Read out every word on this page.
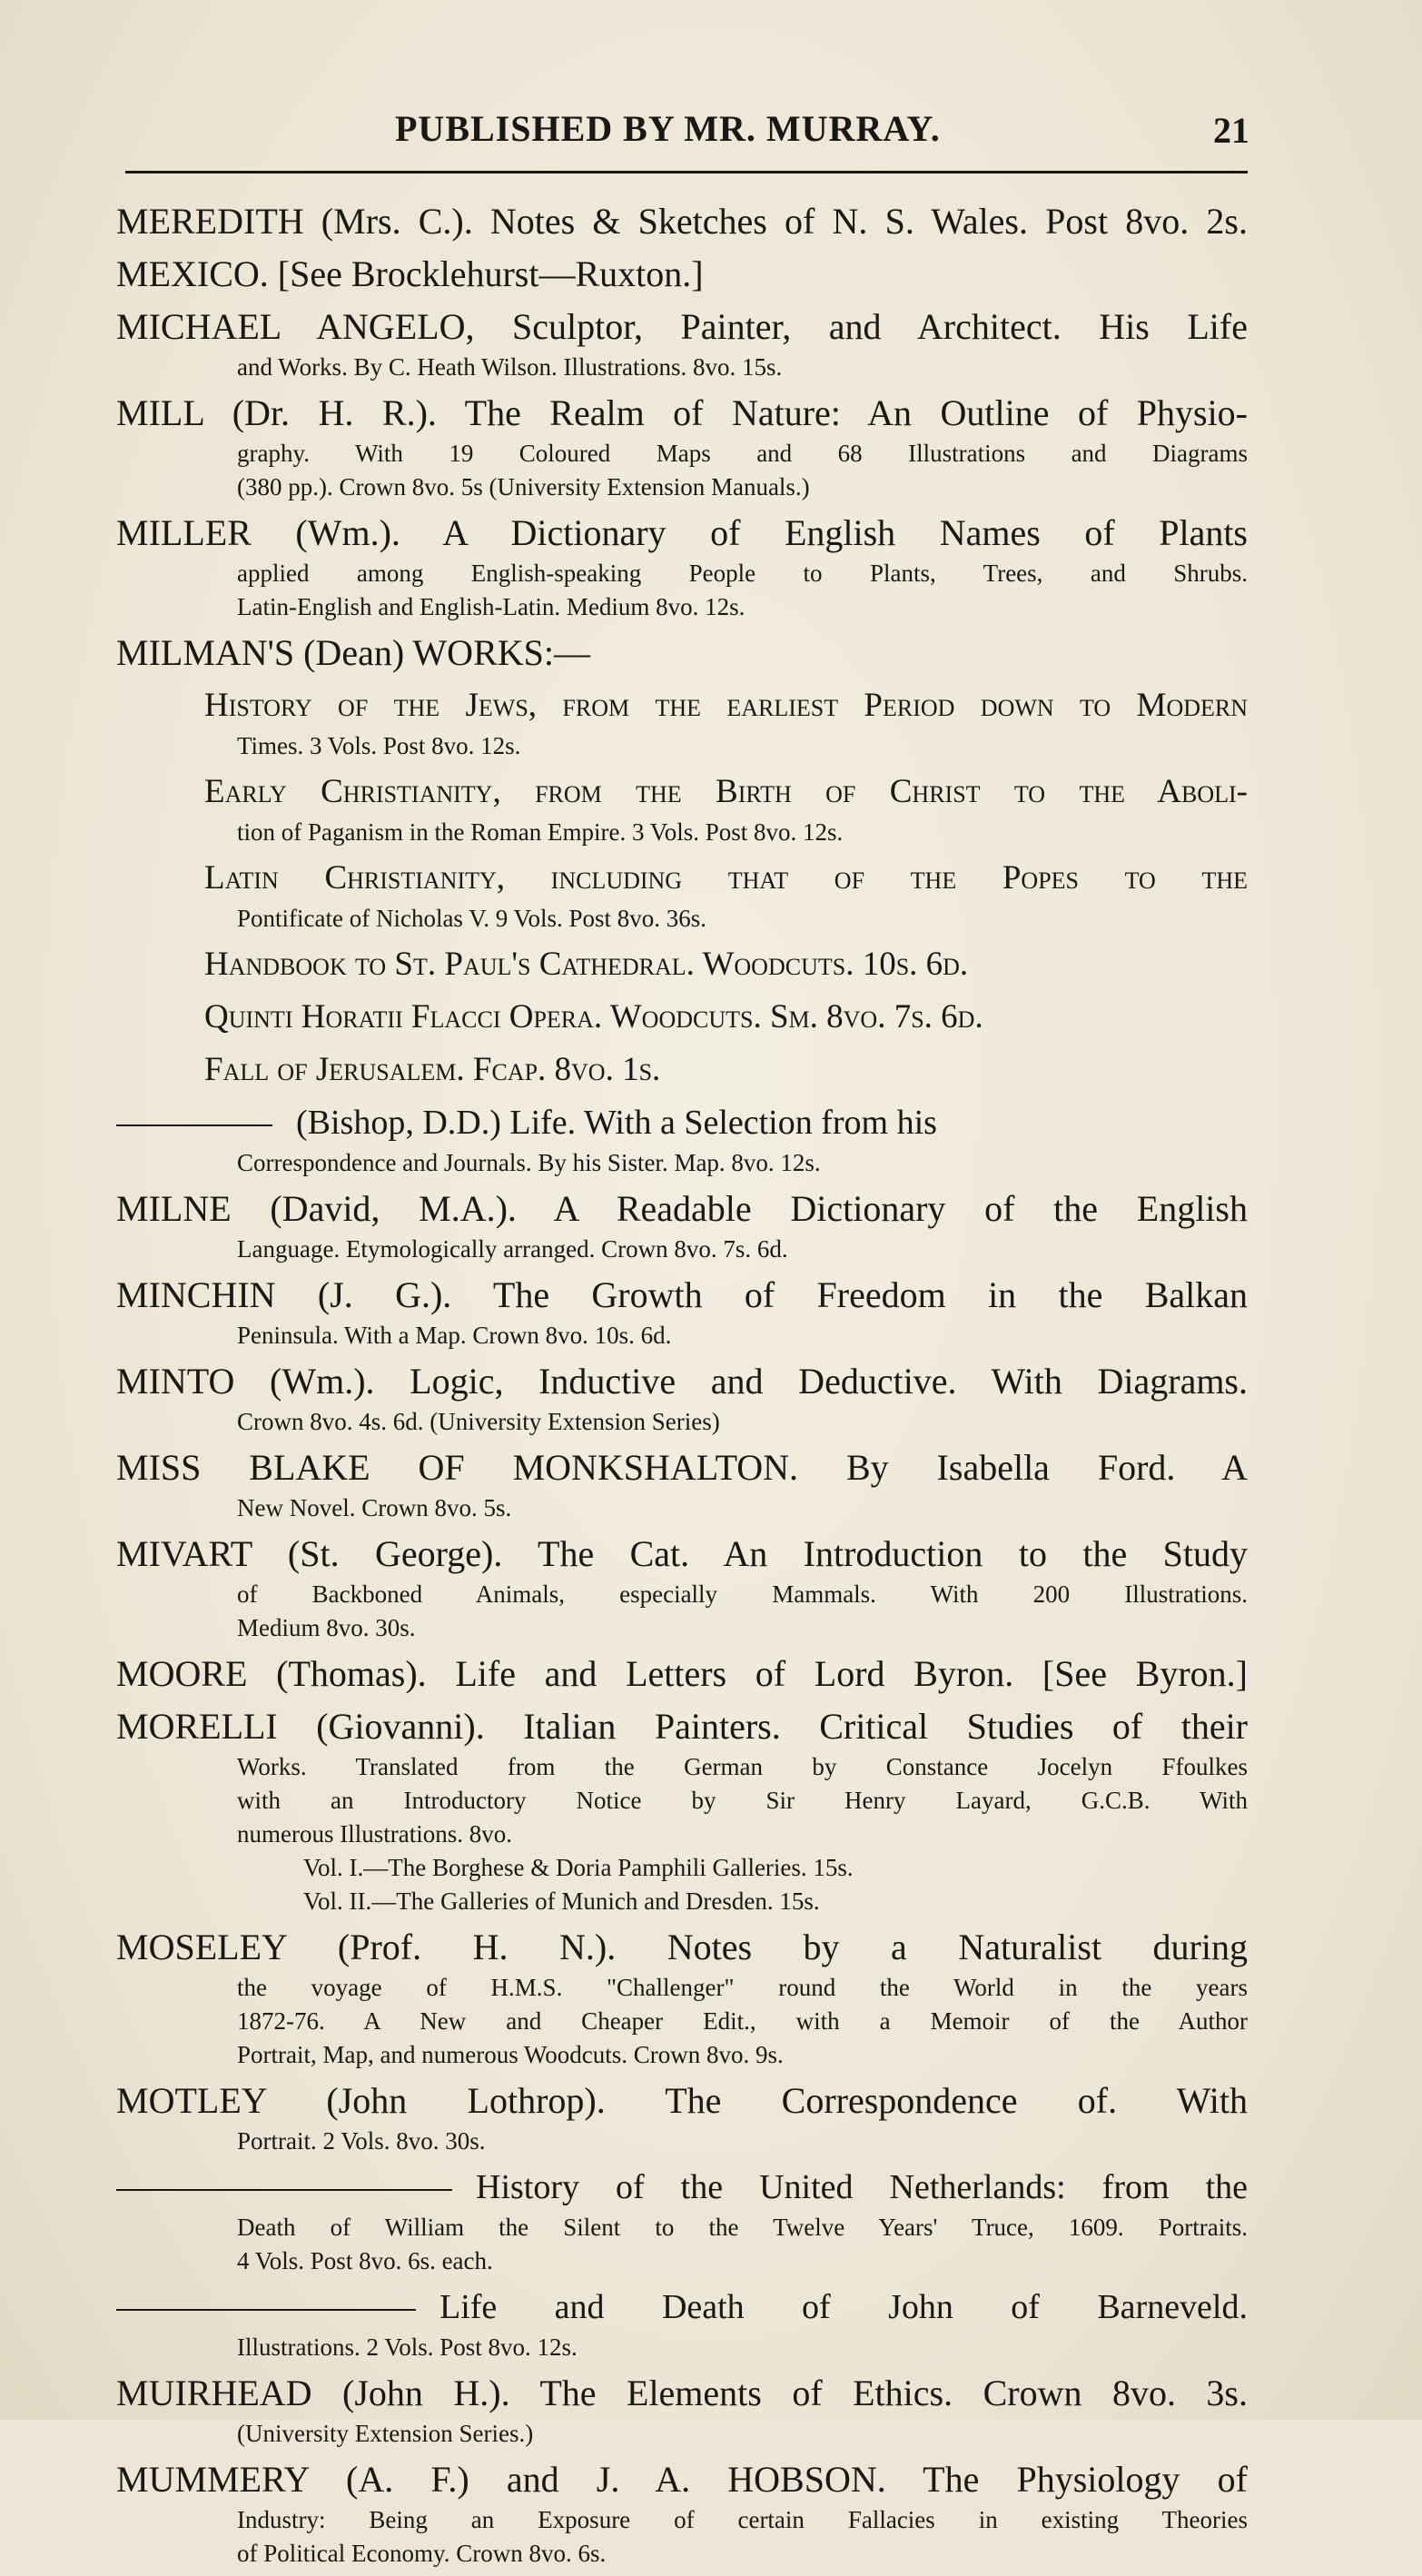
PUBLISHED BY MR. MURRAY.	21
MEREDITH (Mrs. C.). Notes & Sketches of N. S. Wales. Post 8vo. 2s.
MEXICO. [See Brocklehurst—Ruxton.]
MICHAEL ANGELO, Sculptor, Painter, and Architect. His Life
and Works. By C. Heath Wilson. Illustrations. 8vo. 15s.
MILL (Dr. H. R.). The Realm of Nature: An Outline of Physio-
graphy. With 19 Coloured Maps and 68 Illustrations and Diagrams
(380 pp.). Crown 8vo. 5s (University Extension Manuals.)
MILLER (Wm.). A Dictionary of English Names of Plants
applied among English-speaking People to Plants, Trees, and Shrubs.
Latin-English and English-Latin. Medium 8vo. 12s.
MILMAN'S (Dean) WORKS:—
History of the Jews, from the earliest Period down to Modern
Times. 3 Vols. Post 8vo. 12s.
Early Christianity, from the Birth of Christ to the Aboli-
tion of Paganism in the Roman Empire. 3 Vols. Post 8vo. 12s.
Latin Christianity, including that of the Popes to the
Pontificate of Nicholas V. 9 Vols. Post 8vo. 36s.
Handbook to St. Paul's Cathedral. Woodcuts. 10s. 6d.
Quinti Horatii Flacci Opera. Woodcuts. Sm. 8vo. 7s. 6d.
Fall of Jerusalem. Fcap. 8vo. 1s.
(Bishop, D.D.) Life. With a Selection from his
Correspondence and Journals. By his Sister. Map. 8vo. 12s.
MILNE (David, M.A.). A Readable Dictionary of the English
Language. Etymologically arranged. Crown 8vo. 7s. 6d.
MINCHIN (J. G.). The Growth of Freedom in the Balkan
Peninsula. With a Map. Crown 8vo. 10s. 6d.
MINTO (Wm.). Logic, Inductive and Deductive. With Diagrams.
Crown 8vo. 4s. 6d. (University Extension Series)
MISS BLAKE OF MONKSHALTON. By Isabella Ford. A
New Novel. Crown 8vo. 5s.
MIVART (St. George). The Cat. An Introduction to the Study
of Backboned Animals, especially Mammals. With 200 Illustrations.
Medium 8vo. 30s.
MOORE (Thomas). Life and Letters of Lord Byron. [See Byron.]
MORELLI (Giovanni). Italian Painters. Critical Studies of their
Works. Translated from the German by Constance Jocelyn Ffoulkes
with an Introductory Notice by Sir Henry Layard, G.C.B. With
numerous Illustrations. 8vo.
Vol. I.—The Borghese & Doria Pamphili Galleries. 15s.
Vol. II.—The Galleries of Munich and Dresden. 15s.
MOSELEY (Prof. H. N.). Notes by a Naturalist during
the voyage of H.M.S. "Challenger" round the World in the years
1872-76. A New and Cheaper Edit., with a Memoir of the Author
Portrait, Map, and numerous Woodcuts. Crown 8vo. 9s.
MOTLEY (John Lothrop). The Correspondence of. With
Portrait. 2 Vols. 8vo. 30s.
History of the United Netherlands: from the
Death of William the Silent to the Twelve Years' Truce, 1609. Portraits.
4 Vols. Post 8vo. 6s. each.
Life and Death of John of Barneveld.
Illustrations. 2 Vols. Post 8vo. 12s.
MUIRHEAD (John H.). The Elements of Ethics. Crown 8vo. 3s.
(University Extension Series.)
MUMMERY (A. F.) and J. A. HOBSON. The Physiology of
Industry: Being an Exposure of certain Fallacies in existing Theories
of Political Economy. Crown 8vo. 6s.
